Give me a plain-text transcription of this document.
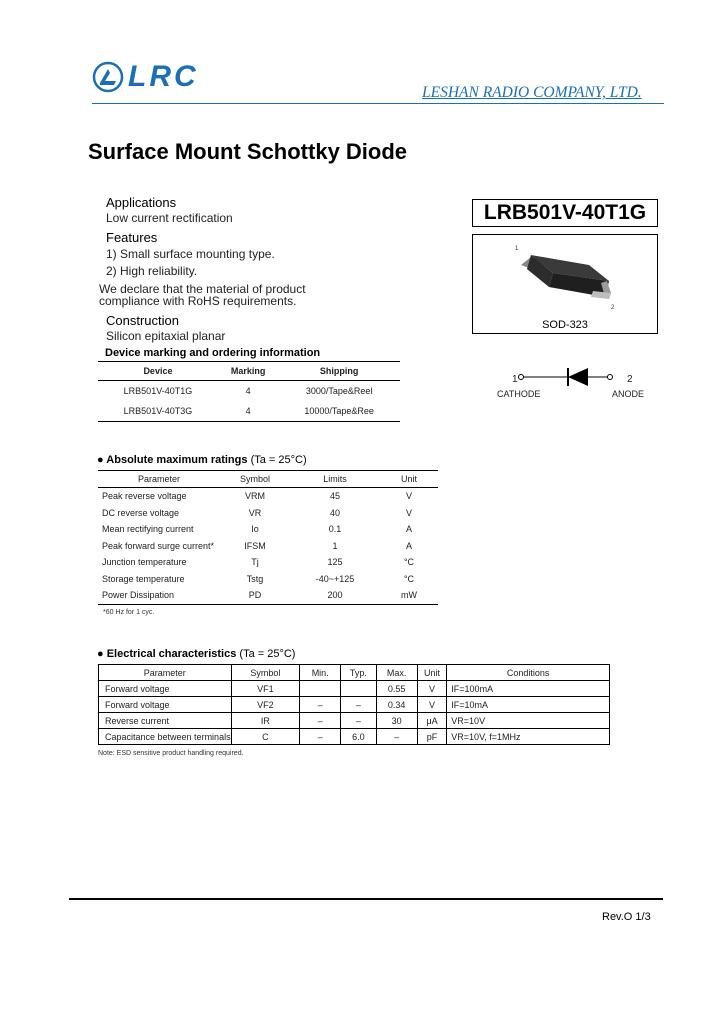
LRC	LESHAN RADIO COMPANY, LTD.
Surface Mount Schottky Diode
Applications
Low current rectification
Features
1) Small surface mounting type.
2) High reliability.
We declare that the material of product
compliance with RoHS requirements.
Construction
Silicon epitaxial planar
LRB501V-40T1G
1
2
SOD-323
1	2
CATHODE	ANODE
Device marking and ordering information
Device	Marking	Shipping
LRB501V-40T1G	4	3000/Tape&Reel
LRB501V-40T3G	4	10000/Tape&Ree
● Absolute maximum ratings (Ta = 25°C)
Parameter	Symbol	Limits	Unit
Peak reverse voltage	VRM	45	V
DC reverse voltage	VR	40	V
Mean rectifying current	Io	0.1	A
Peak forward surge current*	IFSM	1	A
Junction temperature	Tj	125	°C
Storage temperature	Tstg	-40~+125	°C
Power Dissipation	PD	200	mW
*60 Hz for 1 cyc.
● Electrical characteristics (Ta = 25°C)
Parameter	Symbol	Min.	Typ.	Max.	Unit	Conditions
Forward voltage	VF1			0.55	V	IF=100mA
Forward voltage	VF2	–	–	0.34	V	IF=10mA
Reverse current	IR	–	–	30	μA	VR=10V
Capacitance between terminals	C	–	6.0	–	pF	VR=10V, f=1MHz
Note: ESD sensitive product handling required.
Rev.O 1/3
